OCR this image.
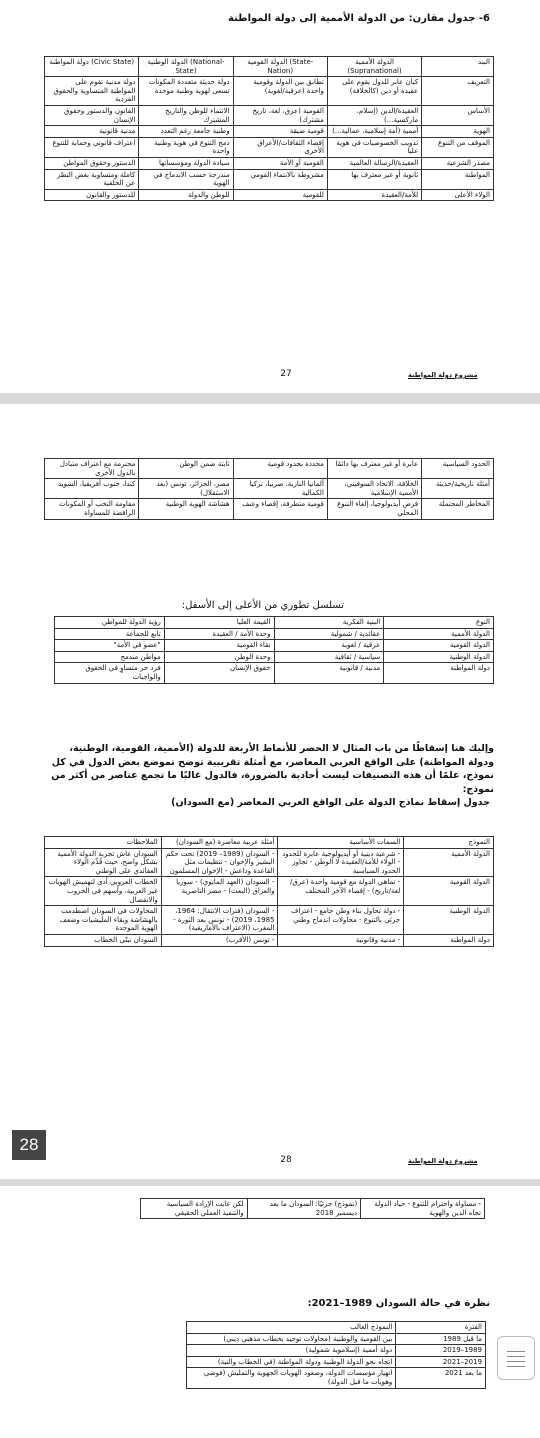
6- جدول مقارن: من الدولة الأممية إلى دولة المواطنة
البند	الدولة الأممية (Supranational)	الدولة القومية (State-Nation)	الدولة الوطنية (National-State)	دولة المواطنة (Civic State)
التعريف	كيان عابر للدول يقوم على عقيدة أو دين (كالخلافة)	تطابق بين الدولة وقومية واحدة (عرقية/لغوية)	دولة حديثة متعددة المكونات تسعى لهوية وطنية موحدة	دولة مدنية تقوم على المواطنة المتساوية والحقوق الفردية
الأساس	العقيدة/الدين (إسلام، ماركسية...)	القومية (عرق، لغة، تاريخ مشترك)	الانتماء للوطن والتاريخ المشترك	القانون والدستور وحقوق الإنسان
الهوية	أممية (أمة إسلامية، عمالية...)	قومية ضيقة	وطنية جامعة رغم التعدد	مدنية قانونية
الموقف من التنوع	تذويب الخصوصيات في هوية عليا	إقصاء الثقافات/الأعراق الأخرى	دمج التنوع في هوية وطنية واحدة	اعتراف قانوني وحماية للتنوع
مصدر الشرعية	العقيدة/الرسالة العالمية	القومية أو الأمة	سيادة الدولة ومؤسساتها	الدستور وحقوق المواطن
المواطنة	ثانوية أو غير معترف بها	مشروطة بالانتماء القومي	مندرجة حسب الاندماج في الهوية	كاملة ومتساوية بغض النظر عن الخلفية
الولاء الأعلى	للأمة/العقيدة	للقومية	للوطن والدولة	للدستور والقانون
27	مشروع دولة المواطنة
الحدود السياسية	عابرة أو غير معترف بها دائمًا	محددة بحدود قومية	ثابتة ضمن الوطن	محترمة مع اعتراف متبادل بالدول الأخرى
أمثلة تاريخية/حديثة	الخلافة، الاتحاد السوفيتي، الأممية الإسلامية	ألمانيا النازية، صربيا، تركيا الكمالية	مصر، الجزائر، تونس (بعد الاستقلال)	كندا، جنوب أفريقيا، السويد
المخاطر المحتملة	فرض أيديولوجيا، إلغاء التنوع المحلي	قومية متطرفة، إقصاء وعنف	هشاشة الهوية الوطنية	مقاومة النخب أو المكونات الرافضة للمساواة
تسلسل تطوري من الأعلى إلى الأسفل:
النوع	البنية الفكرية	القيمة العليا	رؤية الدولة للمواطن
الدولة الأممية	عقائدية / شمولية	وحدة الأمة / العقيدة	تابع للجماعة
الدولة القومية	عرقية / لغوية	نقاء القومية	"عضو في الأمة"
الدولة الوطنية	سياسية / ثقافية	وحدة الوطن	مواطن مندمج
دولة المواطنة	مدنية / قانونية	حقوق الإنسان	فرد حر متساوٍ في الحقوق والواجبات
وإليك هنا إسقاطًا من باب المثال لا الحصر للأنماط الأربعة للدولة (الأممية، القومية، الوطنية، ودولة المواطنة) على الواقع العربي المعاصر، مع أمثلة تقريبية توضح تموضع بعض الدول في كل نموذج، علمًا أن هذه التصنيفات ليست أحادية بالضرورة، فالدول غالبًا ما تجمع عناصر من أكثر من نموذج:
جدول إسقاط نماذج الدولة على الواقع العربي المعاصر (مع السودان)
النموذج	السمات الأساسية	أمثلة عربية معاصرة (مع السودان)	الملاحظات
الدولة الأممية	- شرعية دينية أو أيديولوجية عابرة للحدود - الولاء للأمة/العقيدة لا الوطن - تجاوز الحدود السياسية	- السودان (1989– 2019) تحت حكم البشير والإخوان - تنظيمات مثل القاعدة وداعش - الإخوان المسلمون	السودان عاش تجربة الدولة الأممية بشكل واضح، حيث قُدِّم الولاء العقائدي على الوطني
الدولة القومية	- تماهي الدولة مع قومية واحدة (عرق/لغة/تاريخ) - إقصاء الآخر المختلف	- السودان (العهد المايوي) - سوريا والعراق (البعث) - مصر الناصرية	الخطاب العروبي أدى لتهميش الهويات غير العربية، وأسهم في الحروب والانفصال
الدولة الوطنية	- دولة تحاول بناء وطن جامع - اعتراف جزئي بالتنوع - محاولات اندماج وطني	- السودان (فترات الانتقال: 1964، 1985، 2019) - تونس بعد الثورة - المغرب (الاعتراف بالأمازيغية)	المحاولات في السودان اصطدمت بالهشاشة وبقاء المليشيات وضعف الهوية الموحدة
دولة المواطنة	- مدنية وقانونية	- تونس (الأقرب)	السودان تبنّى الخطاب
28	مشروع دولة المواطنة
28
- مساواة واحترام للتنوع - حياد الدولة تجاه الدين والهوية	(نموذج) جزئيًا: السودان ما بعد ديسمبر 2018	لكن غابت الإرادة السياسية والتنفيذ العملي الحقيقي
نظرة في حالة السودان 1989–2021:
الفترة	النموذج الغالب
ما قبل 1989	بين القومية والوطنية (محاولات توحيد بخطاب مذهبي ديني)
1989–2019	دولة أممية (إسلاموية شمولية)
2019–2021	اتجاه نحو الدولة الوطنية ودولة المواطنة (في الخطاب والنية)
ما بعد 2021	انهيار مؤسسات الدولة، وصعود الهويات الجهوية والتمليش (فوضى وهويات ما قبل الدولة)
